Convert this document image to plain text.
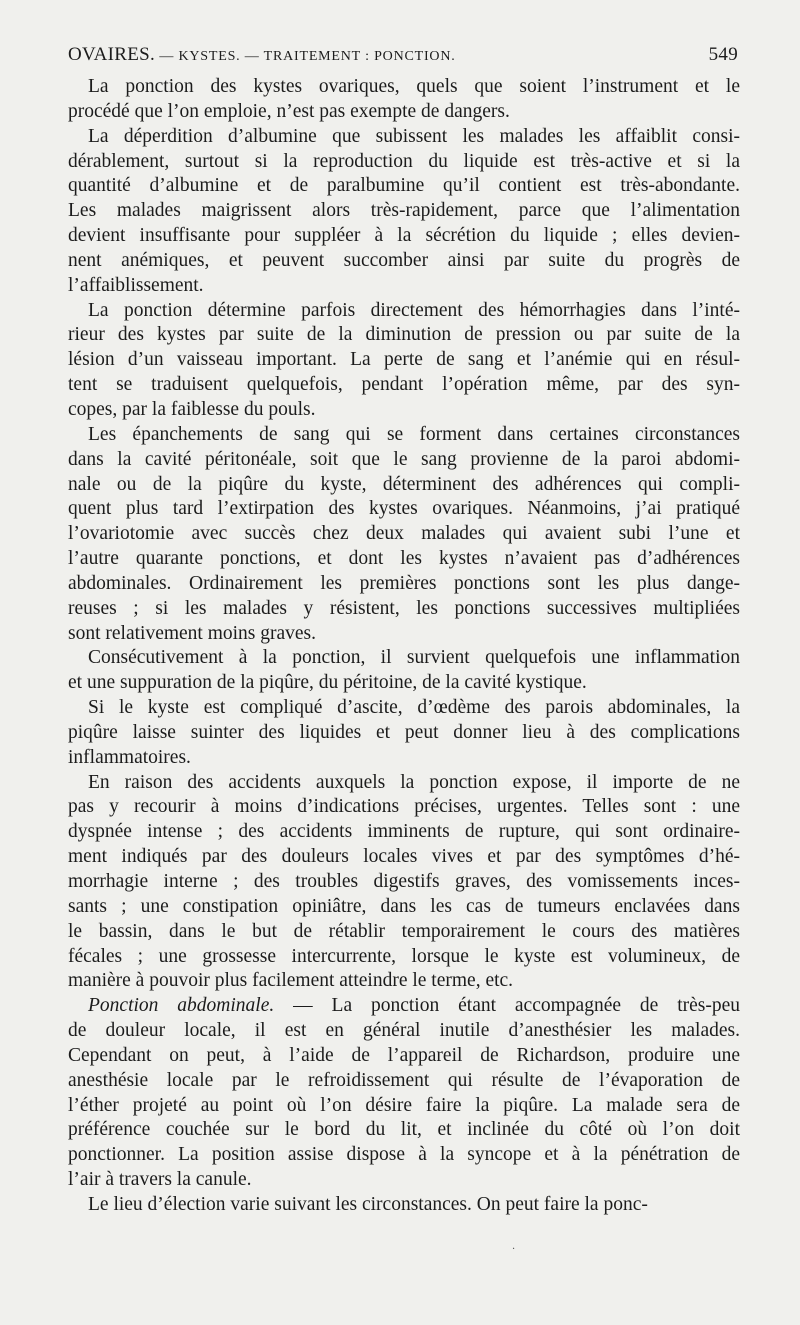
OVAIRES. — KYSTES. — TRAITEMENT : PONCTION.	549
La ponction des kystes ovariques, quels que soient l’instrument et le
procédé que l’on emploie, n’est pas exempte de dangers.
La déperdition d’albumine que subissent les malades les affaiblit consi-
dérablement, surtout si la reproduction du liquide est très-active et si la
quantité d’albumine et de paralbumine qu’il contient est très-abondante.
Les malades maigrissent alors très-rapidement, parce que l’alimentation
devient insuffisante pour suppléer à la sécrétion du liquide ; elles devien-
nent anémiques, et peuvent succomber ainsi par suite du progrès de
l’affaiblissement.
La ponction détermine parfois directement des hémorrhagies dans l’inté-
rieur des kystes par suite de la diminution de pression ou par suite de la
lésion d’un vaisseau important. La perte de sang et l’anémie qui en résul-
tent se traduisent quelquefois, pendant l’opération même, par des syn-
copes, par la faiblesse du pouls.
Les épanchements de sang qui se forment dans certaines circonstances
dans la cavité péritonéale, soit que le sang provienne de la paroi abdomi-
nale ou de la piqûre du kyste, déterminent des adhérences qui compli-
quent plus tard l’extirpation des kystes ovariques. Néanmoins, j’ai pratiqué
l’ovariotomie avec succès chez deux malades qui avaient subi l’une et
l’autre quarante ponctions, et dont les kystes n’avaient pas d’adhérences
abdominales. Ordinairement les premières ponctions sont les plus dange-
reuses ; si les malades y résistent, les ponctions successives multipliées
sont relativement moins graves.
Consécutivement à la ponction, il survient quelquefois une inflammation
et une suppuration de la piqûre, du péritoine, de la cavité kystique.
Si le kyste est compliqué d’ascite, d’œdème des parois abdominales, la
piqûre laisse suinter des liquides et peut donner lieu à des complications
inflammatoires.
En raison des accidents auxquels la ponction expose, il importe de ne
pas y recourir à moins d’indications précises, urgentes. Telles sont : une
dyspnée intense ; des accidents imminents de rupture, qui sont ordinaire-
ment indiqués par des douleurs locales vives et par des symptômes d’hé-
morrhagie interne ; des troubles digestifs graves, des vomissements inces-
sants ; une constipation opiniâtre, dans les cas de tumeurs enclavées dans
le bassin, dans le but de rétablir temporairement le cours des matières
fécales ; une grossesse intercurrente, lorsque le kyste est volumineux, de
manière à pouvoir plus facilement atteindre le terme, etc.
Ponction abdominale. — La ponction étant accompagnée de très-peu
de douleur locale, il est en général inutile d’anesthésier les malades.
Cependant on peut, à l’aide de l’appareil de Richardson, produire une
anesthésie locale par le refroidissement qui résulte de l’évaporation de
l’éther projeté au point où l’on désire faire la piqûre. La malade sera de
préférence couchée sur le bord du lit, et inclinée du côté où l’on doit
ponctionner. La position assise dispose à la syncope et à la pénétration de
l’air à travers la canule.
Le lieu d’élection varie suivant les circonstances. On peut faire la ponc-
·
